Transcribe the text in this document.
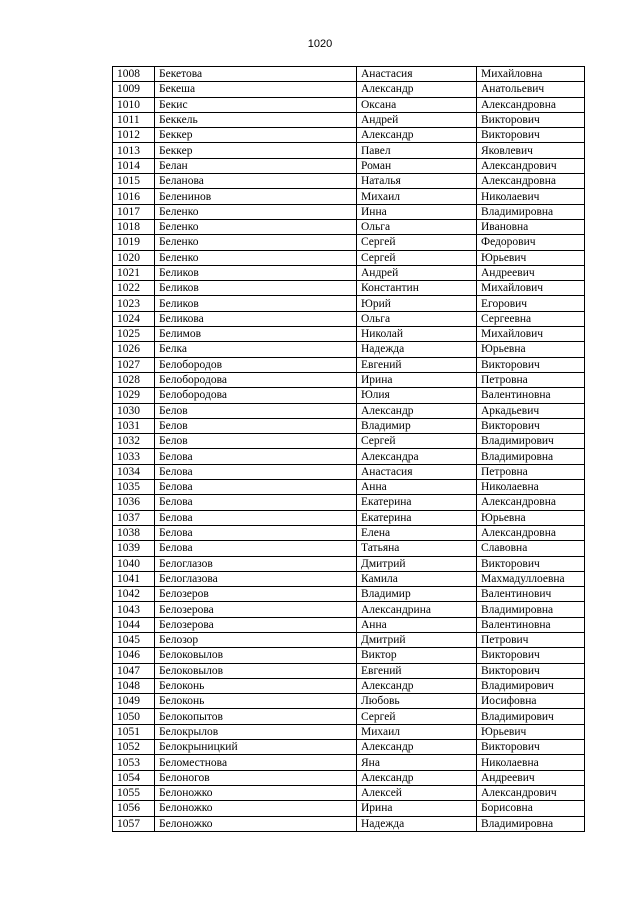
1020
1008	Бекетова	Анастасия	Михайловна
1009	Бекеша	Александр	Анатольевич
1010	Бекис	Оксана	Александровна
1011	Беккель	Андрей	Викторович
1012	Беккер	Александр	Викторович
1013	Беккер	Павел	Яковлевич
1014	Белан	Роман	Александрович
1015	Беланова	Наталья	Александровна
1016	Беленинов	Михаил	Николаевич
1017	Беленко	Инна	Владимировна
1018	Беленко	Ольга	Ивановна
1019	Беленко	Сергей	Федорович
1020	Беленко	Сергей	Юрьевич
1021	Беликов	Андрей	Андреевич
1022	Беликов	Константин	Михайлович
1023	Беликов	Юрий	Егорович
1024	Беликова	Ольга	Сергеевна
1025	Белимов	Николай	Михайлович
1026	Белка	Надежда	Юрьевна
1027	Белобородов	Евгений	Викторович
1028	Белобородова	Ирина	Петровна
1029	Белобородова	Юлия	Валентиновна
1030	Белов	Александр	Аркадьевич
1031	Белов	Владимир	Викторович
1032	Белов	Сергей	Владимирович
1033	Белова	Александра	Владимировна
1034	Белова	Анастасия	Петровна
1035	Белова	Анна	Николаевна
1036	Белова	Екатерина	Александровна
1037	Белова	Екатерина	Юрьевна
1038	Белова	Елена	Александровна
1039	Белова	Татьяна	Славовна
1040	Белоглазов	Дмитрий	Викторович
1041	Белоглазова	Камила	Махмадуллоевна
1042	Белозеров	Владимир	Валентинович
1043	Белозерова	Александрина	Владимировна
1044	Белозерова	Анна	Валентиновна
1045	Белозор	Дмитрий	Петрович
1046	Белоковылов	Виктор	Викторович
1047	Белоковылов	Евгений	Викторович
1048	Белоконь	Александр	Владимирович
1049	Белоконь	Любовь	Иосифовна
1050	Белокопытов	Сергей	Владимирович
1051	Белокрылов	Михаил	Юрьевич
1052	Белокрыницкий	Александр	Викторович
1053	Беломестнова	Яна	Николаевна
1054	Белоногов	Александр	Андреевич
1055	Белоножко	Алексей	Александрович
1056	Белоножко	Ирина	Борисовна
1057	Белоножко	Надежда	Владимировна
